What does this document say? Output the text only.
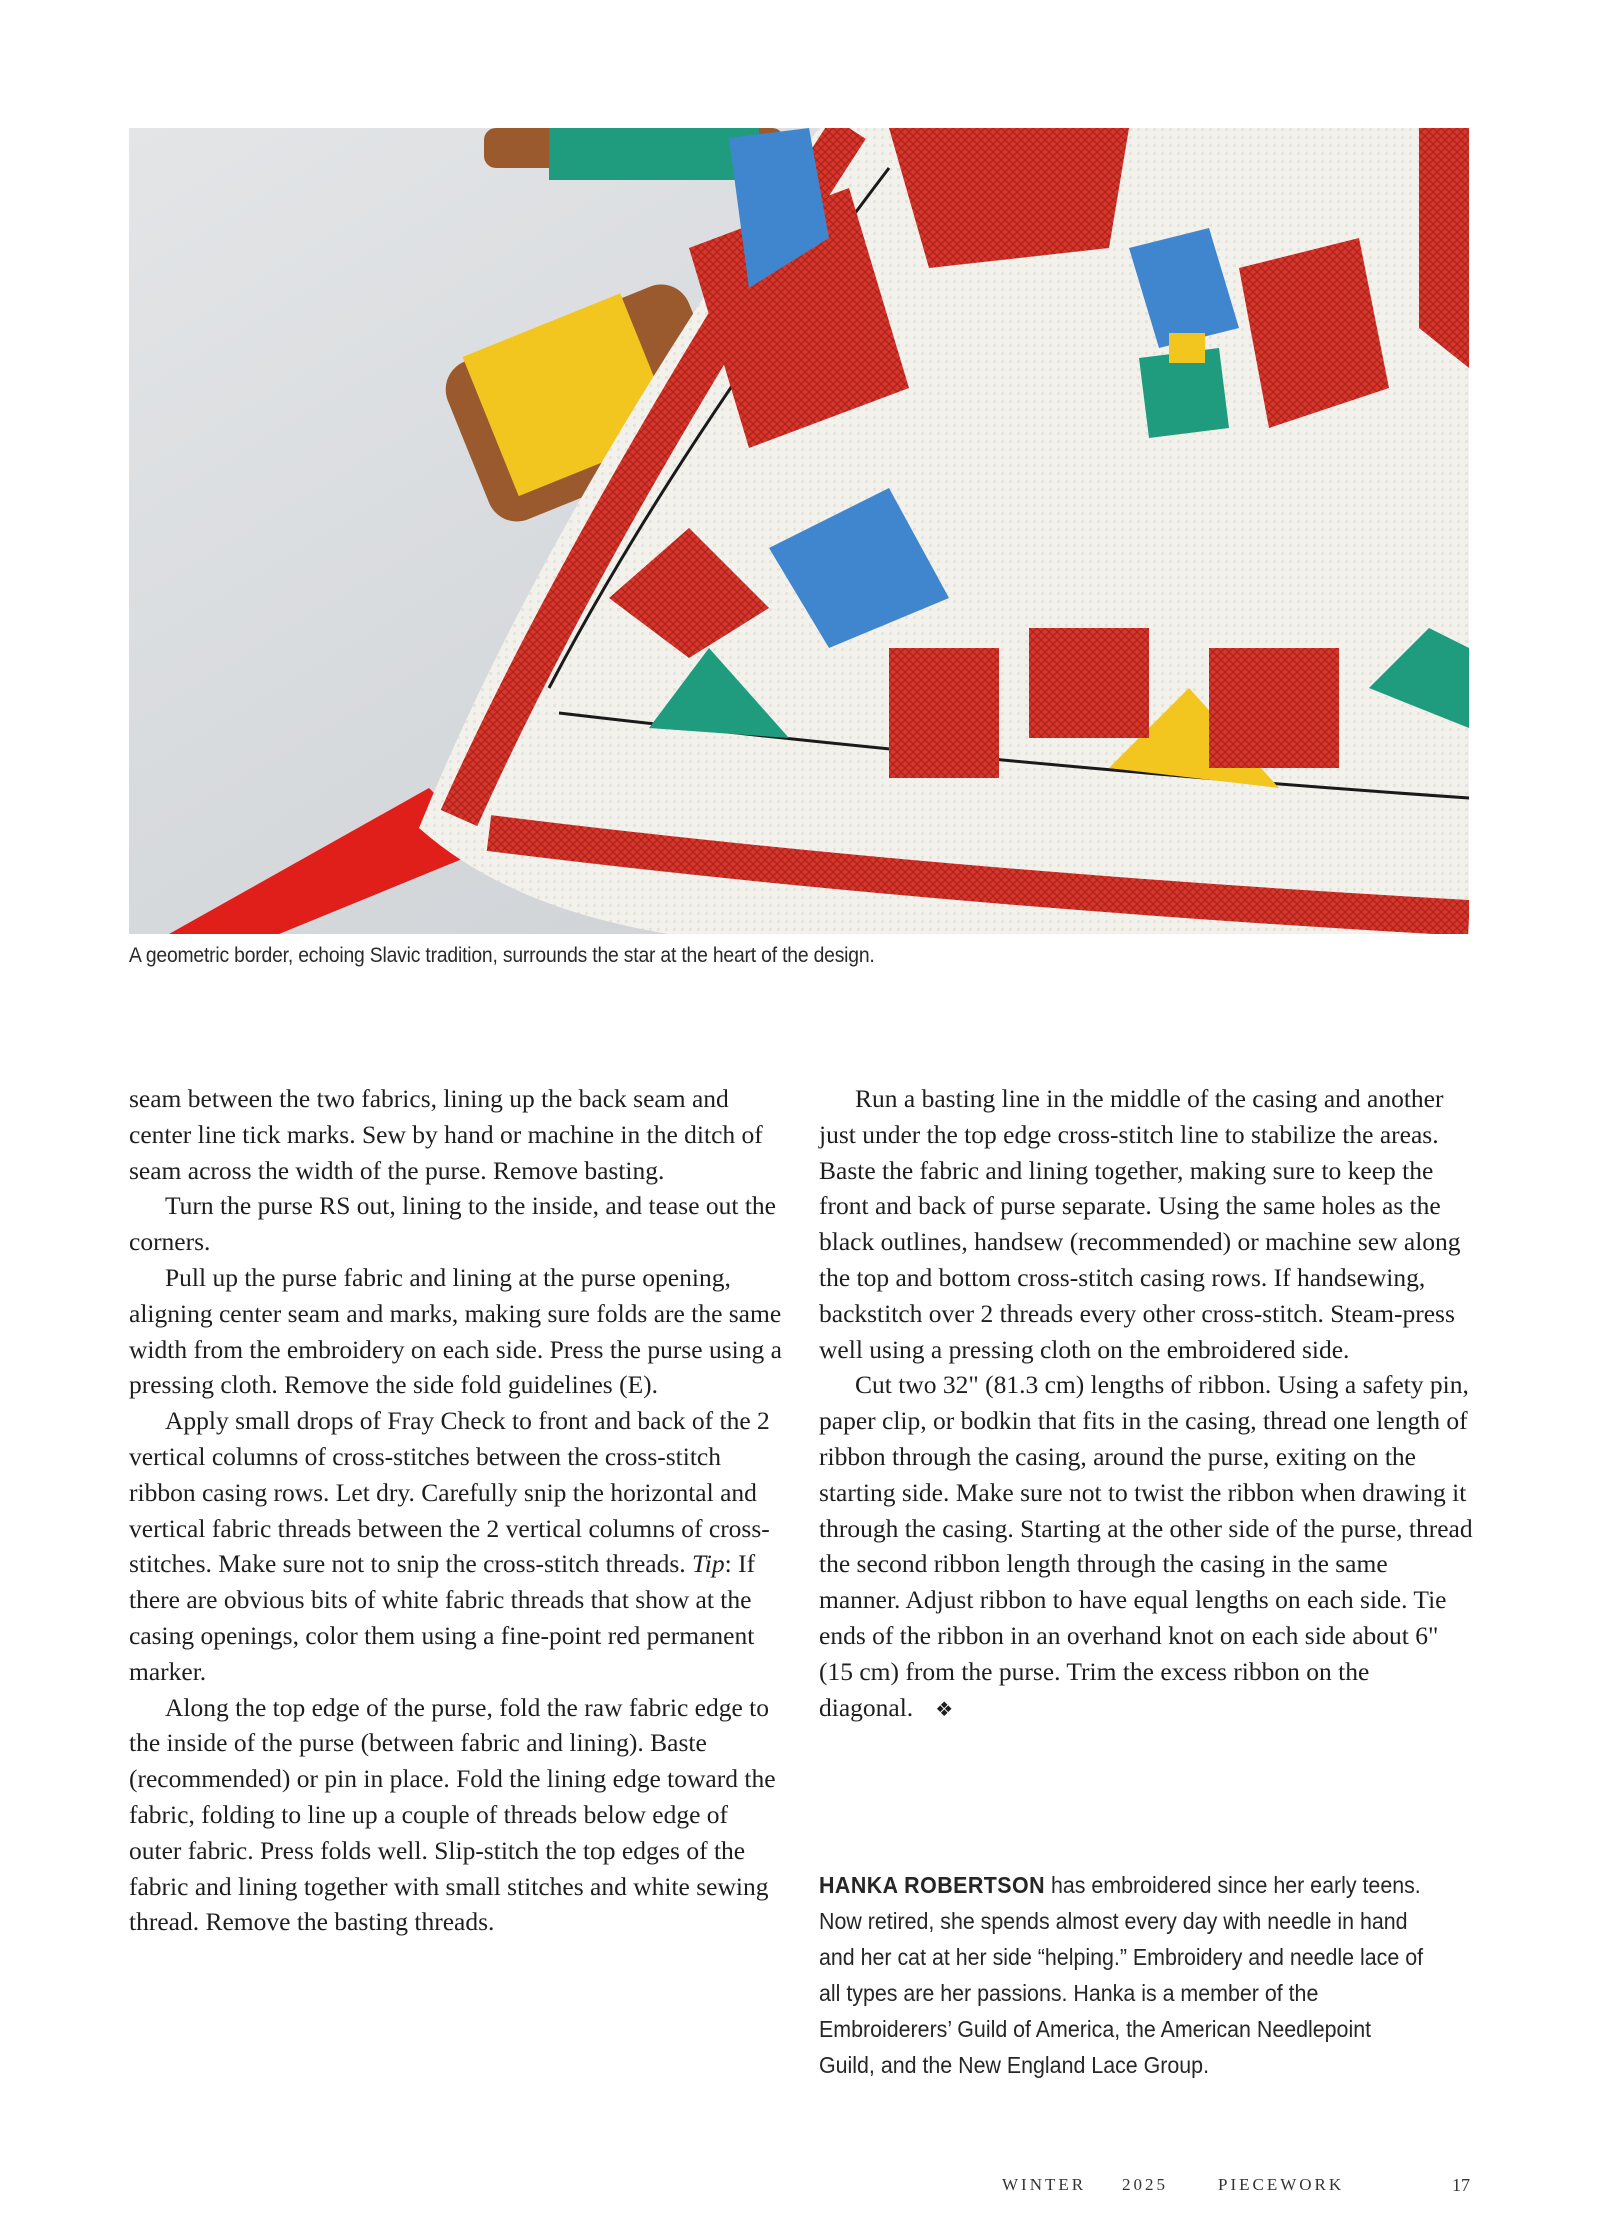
A geometric border, echoing Slavic tradition, surrounds the star at the heart of the design.

seam between the two fabrics, lining up the back seam and center line tick marks. Sew by hand or machine in the ditch of seam across the width of the purse. Remove basting.

Turn the purse RS out, lining to the inside, and tease out the corners.

Pull up the purse fabric and lining at the purse opening, aligning center seam and marks, making sure folds are the same width from the embroidery on each side. Press the purse using a pressing cloth. Remove the side fold guidelines (E).

Apply small drops of Fray Check to front and back of the 2 vertical columns of cross-stitches between the cross-stitch ribbon casing rows. Let dry. Carefully snip the horizontal and vertical fabric threads between the 2 vertical columns of cross-stitches. Make sure not to snip the cross-stitch threads. Tip: If there are obvious bits of white fabric threads that show at the casing openings, color them using a fine-point red permanent marker.

Along the top edge of the purse, fold the raw fabric edge to the inside of the purse (between fabric and lining). Baste (recommended) or pin in place. Fold the lining edge toward the fabric, folding to line up a couple of threads below edge of outer fabric. Press folds well. Slip-stitch the top edges of the fabric and lining together with small stitches and white sewing thread. Remove the basting threads.

Run a basting line in the middle of the casing and another just under the top edge cross-stitch line to stabilize the areas. Baste the fabric and lining together, making sure to keep the front and back of purse separate. Using the same holes as the black outlines, handsew (recommended) or machine sew along the top and bottom cross-stitch casing rows. If handsewing, backstitch over 2 threads every other cross-stitch. Steam-press well using a pressing cloth on the embroidered side.

Cut two 32" (81.3 cm) lengths of ribbon. Using a safety pin, paper clip, or bodkin that fits in the casing, thread one length of ribbon through the casing, around the purse, exiting on the starting side. Make sure not to twist the ribbon when drawing it through the casing. Starting at the other side of the purse, thread the second ribbon length through the casing in the same manner. Adjust ribbon to have equal lengths on each side. Tie ends of the ribbon in an overhand knot on each side about 6" (15 cm) from the purse. Trim the excess ribbon on the diagonal. ❖

HANKA ROBERTSON has embroidered since her early teens. Now retired, she spends almost every day with needle in hand and her cat at her side “helping.” Embroidery and needle lace of all types are her passions. Hanka is a member of the Embroiderers’ Guild of America, the American Needlepoint Guild, and the New England Lace Group.
WINTER 2025	PIECEWORK	17
